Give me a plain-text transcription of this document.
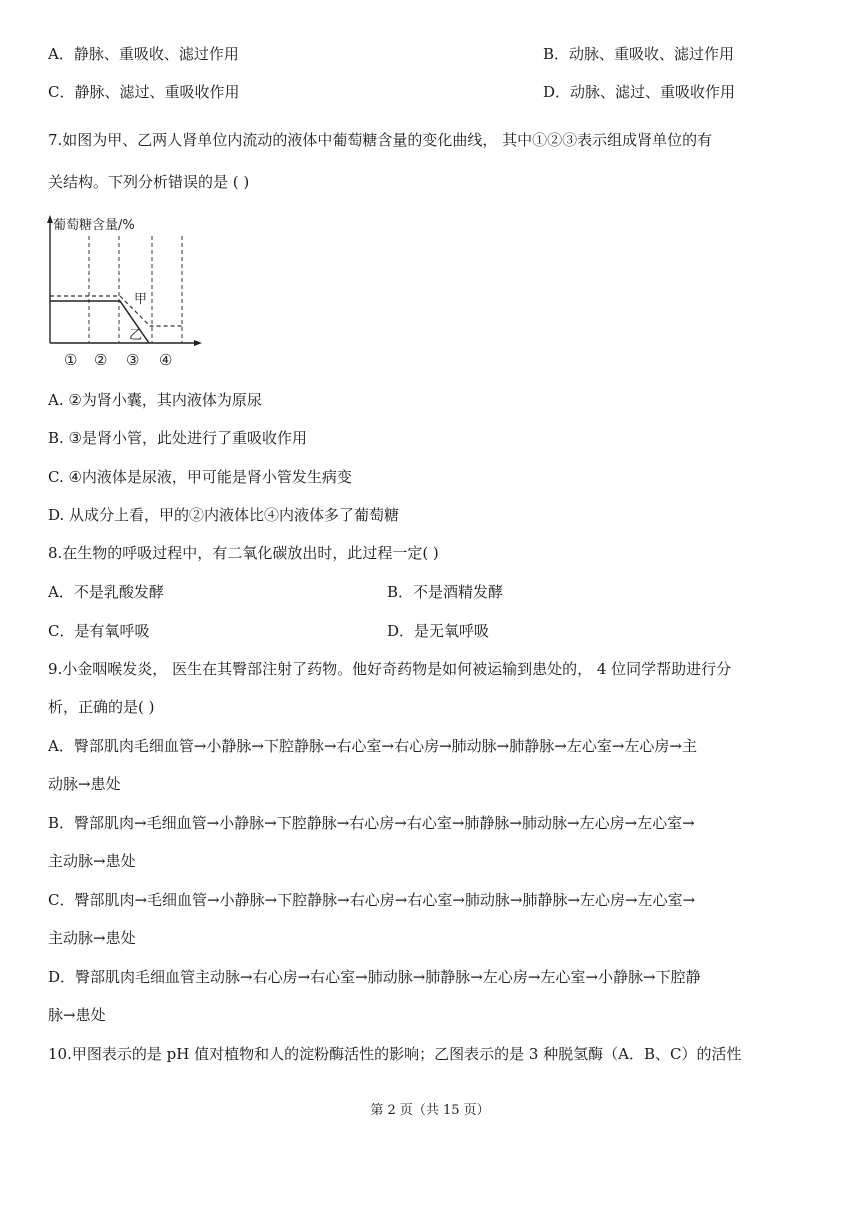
A．静脉、重吸收、滤过作用	B．动脉、重吸收、滤过作用
C．静脉、滤过、重吸收作用	D．动脉、滤过、重吸收作用
7.如图为甲、乙两人肾单位内流动的液体中葡萄糖含量的变化曲线， 其中①②③表示组成肾单位的有
关结构。下列分析错误的是 ( )
葡萄糖含量/%
甲
乙
① ② ③ ④
A. ②为肾小囊，其内液体为原尿
B. ③是肾小管，此处进行了重吸收作用
C. ④内液体是尿液，甲可能是肾小管发生病变
D. 从成分上看，甲的②内液体比④内液体多了葡萄糖
8.在生物的呼吸过程中，有二氧化碳放出时，此过程一定( )
A．不是乳酸发酵	B．不是酒精发酵
C．是有氧呼吸	D．是无氧呼吸
9.小金咽喉发炎， 医生在其臀部注射了药物。他好奇药物是如何被运输到患处的， 4 位同学帮助进行分
析，正确的是( )
A．臀部肌肉毛细血管→小静脉→下腔静脉→右心室→右心房→肺动脉→肺静脉→左心室→左心房→主
动脉→患处
B．臀部肌肉→毛细血管→小静脉→下腔静脉→右心房→右心室→肺静脉→肺动脉→左心房→左心室→
主动脉→患处
C．臀部肌肉→毛细血管→小静脉→下腔静脉→右心房→右心室→肺动脉→肺静脉→左心房→左心室→
主动脉→患处
D．臀部肌肉毛细血管主动脉→右心房→右心室→肺动脉→肺静脉→左心房→左心室→小静脉→下腔静
脉→患处
10.甲图表示的是 pH 值对植物和人的淀粉酶活性的影响；乙图表示的是 3 种脱氢酶（A．B、C）的活性
第 2 页（共 15 页）
